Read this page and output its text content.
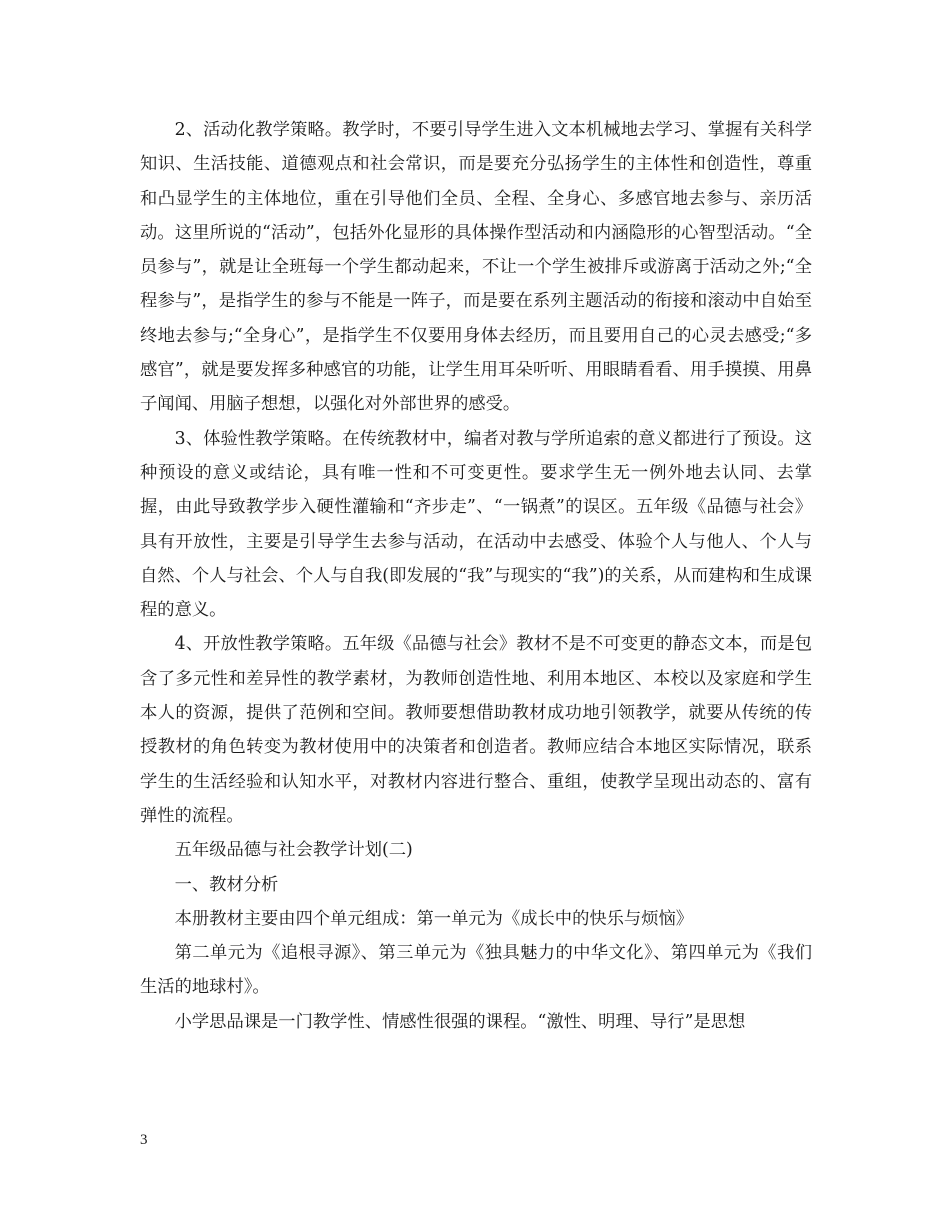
2、活动化教学策略。教学时，不要引导学生进入文本机械地去学习、掌握有关科学知识、生活技能、道德观点和社会常识，而是要充分弘扬学生的主体性和创造性，尊重和凸显学生的主体地位，重在引导他们全员、全程、全身心、多感官地去参与、亲历活动。这里所说的“活动”，包括外化显形的具体操作型活动和内涵隐形的心智型活动。“全员参与”，就是让全班每一个学生都动起来，不让一个学生被排斥或游离于活动之外;“全程参与”，是指学生的参与不能是一阵子，而是要在系列主题活动的衔接和滚动中自始至终地去参与;“全身心”，是指学生不仅要用身体去经历，而且要用自己的心灵去感受;“多感官”，就是要发挥多种感官的功能，让学生用耳朵听听、用眼睛看看、用手摸摸、用鼻子闻闻、用脑子想想，以强化对外部世界的感受。

3、体验性教学策略。在传统教材中，编者对教与学所追索的意义都进行了预设。这种预设的意义或结论，具有唯一性和不可变更性。要求学生无一例外地去认同、去掌握，由此导致教学步入硬性灌输和“齐步走”、“一锅煮”的误区。五年级《品德与社会》具有开放性，主要是引导学生去参与活动，在活动中去感受、体验个人与他人、个人与自然、个人与社会、个人与自我(即发展的“我”与现实的“我”)的关系，从而建构和生成课程的意义。

4、开放性教学策略。五年级《品德与社会》教材不是不可变更的静态文本，而是包含了多元性和差异性的教学素材，为教师创造性地、利用本地区、本校以及家庭和学生本人的资源，提供了范例和空间。教师要想借助教材成功地引领教学，就要从传统的传授教材的角色转变为教材使用中的决策者和创造者。教师应结合本地区实际情况，联系学生的生活经验和认知水平，对教材内容进行整合、重组，使教学呈现出动态的、富有弹性的流程。

五年级品德与社会教学计划(二)

一、教材分析

本册教材主要由四个单元组成：第一单元为《成长中的快乐与烦恼》

第二单元为《追根寻源》、第三单元为《独具魅力的中华文化》、第四单元为《我们生活的地球村》。

小学思品课是一门教学性、情感性很强的课程。“激性、明理、导行”是思想

3
